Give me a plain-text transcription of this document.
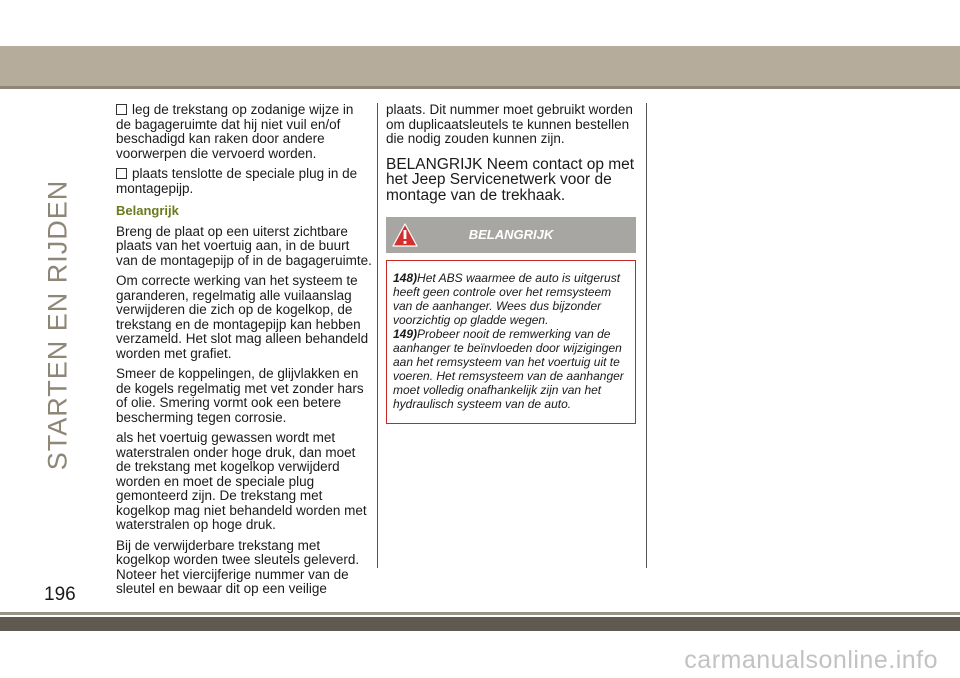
STARTEN EN RIJDEN

leg de trekstang op zodanige wijze in de bagageruimte dat hij niet vuil en/of beschadigd kan raken door andere voorwerpen die vervoerd worden.

plaats tenslotte de speciale plug in de montagepijp.

Belangrijk

Breng de plaat op een uiterst zichtbare plaats van het voertuig aan, in de buurt van de montagepijp of in de bagageruimte.

Om correcte werking van het systeem te garanderen, regelmatig alle vuilaanslag verwijderen die zich op de kogelkop, de trekstang en de montagepijp kan hebben verzameld. Het slot mag alleen behandeld worden met grafiet.

Smeer de koppelingen, de glijvlakken en de kogels regelmatig met vet zonder hars of olie. Smering vormt ook een betere bescherming tegen corrosie.

als het voertuig gewassen wordt met waterstralen onder hoge druk, dan moet de trekstang met kogelkop verwijderd worden en moet de speciale plug gemonteerd zijn. De trekstang met kogelkop mag niet behandeld worden met waterstralen op hoge druk.

Bij de verwijderbare trekstang met kogelkop worden twee sleutels geleverd. Noteer het viercijferige nummer van de sleutel en bewaar dit op een veilige

plaats. Dit nummer moet gebruikt worden om duplicaatsleutels te kunnen bestellen die nodig zouden kunnen zijn.

BELANGRIJK Neem contact op met het Jeep Servicenetwerk voor de montage van de trekhaak.
BELANGRIJK

148)Het ABS waarmee de auto is uitgerust heeft geen controle over het remsysteem van de aanhanger. Wees dus bijzonder voorzichtig op gladde wegen.

149)Probeer nooit de remwerking van de aanhanger te beïnvloeden door wijzigingen aan het remsysteem van het voertuig uit te voeren. Het remsysteem van de aanhanger moet volledig onafhankelijk zijn van het hydraulisch systeem van de auto.

196
carmanualsonline.info
